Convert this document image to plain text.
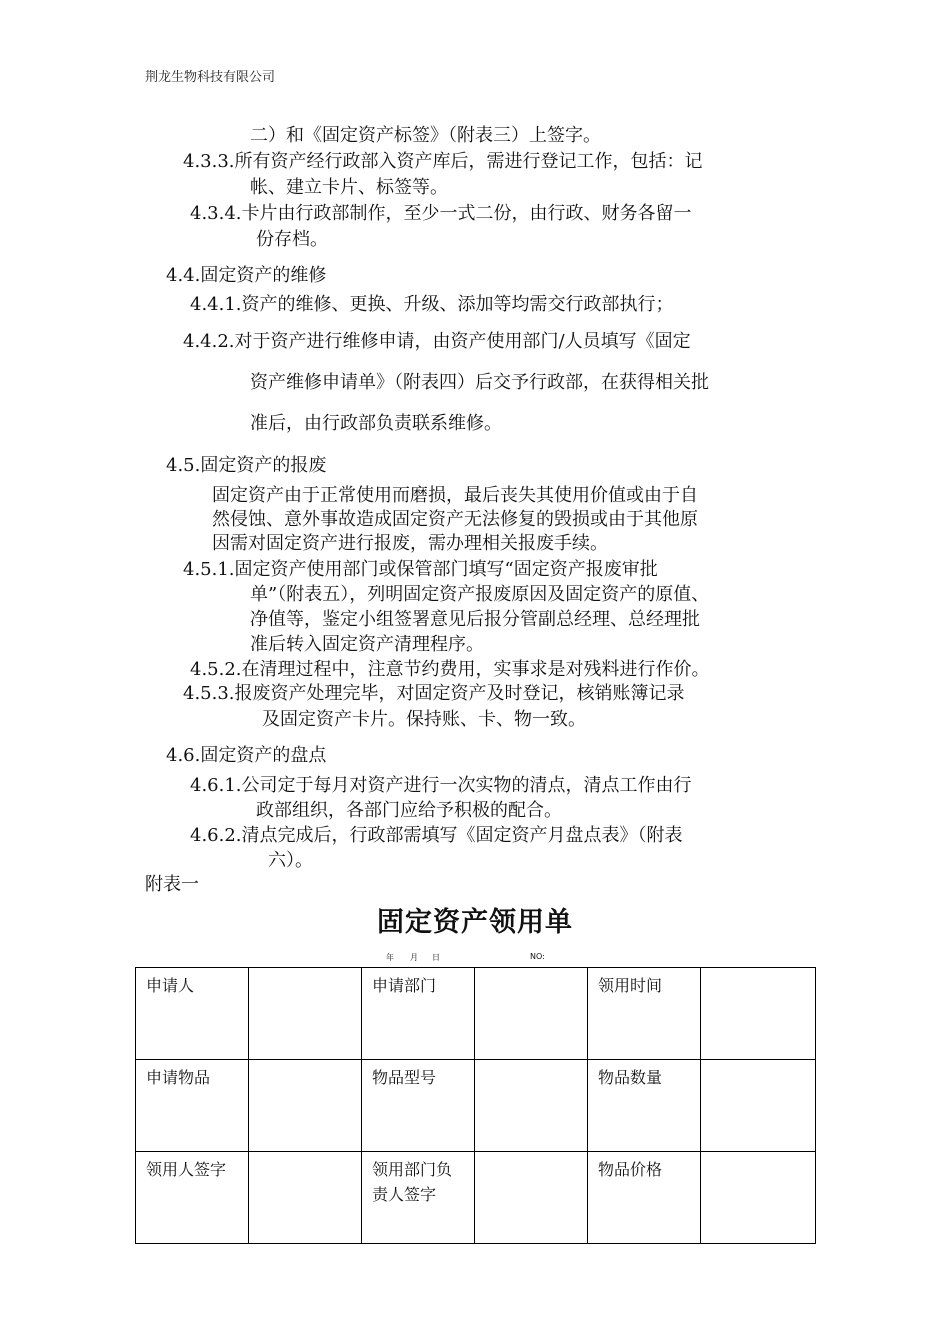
荆龙生物科技有限公司
二）和《固定资产标签》（附表三）上签字。
4.3.3.所有资产经行政部入资产库后，需进行登记工作，包括：记
帐、建立卡片、标签等。
4.3.4.卡片由行政部制作，至少一式二份，由行政、财务各留一
份存档。
4.4.固定资产的维修
4.4.1.资产的维修、更换、升级、添加等均需交行政部执行；
4.4.2.对于资产进行维修申请，由资产使用部门/人员填写《固定
资产维修申请单》（附表四）后交予行政部，在获得相关批
准后，由行政部负责联系维修。
4.5.固定资产的报废
固定资产由于正常使用而磨损，最后丧失其使用价值或由于自
然侵蚀、意外事故造成固定资产无法修复的毁损或由于其他原
因需对固定资产进行报废，需办理相关报废手续。
4.5.1.固定资产使用部门或保管部门填写“固定资产报废审批
单”（附表五），列明固定资产报废原因及固定资产的原值、
净值等，鉴定小组签署意见后报分管副总经理、总经理批
准后转入固定资产清理程序。
4.5.2.在清理过程中，注意节约费用，实事求是对残料进行作价。
4.5.3.报废资产处理完毕，对固定资产及时登记，核销账簿记录
及固定资产卡片。保持账、卡、物一致。
4.6.固定资产的盘点
4.6.1.公司定于每月对资产进行一次实物的清点，清点工作由行
政部组织，各部门应给予积极的配合。
4.6.2.清点完成后，行政部需填写《固定资产月盘点表》（附表
六）。
附表一
固定资产领用单
年 月 日	NO:
申请人		申请部门		领用时间	
申请物品		物品型号		物品数量	
领用人签字		领用部门负责人签字		物品价格	
